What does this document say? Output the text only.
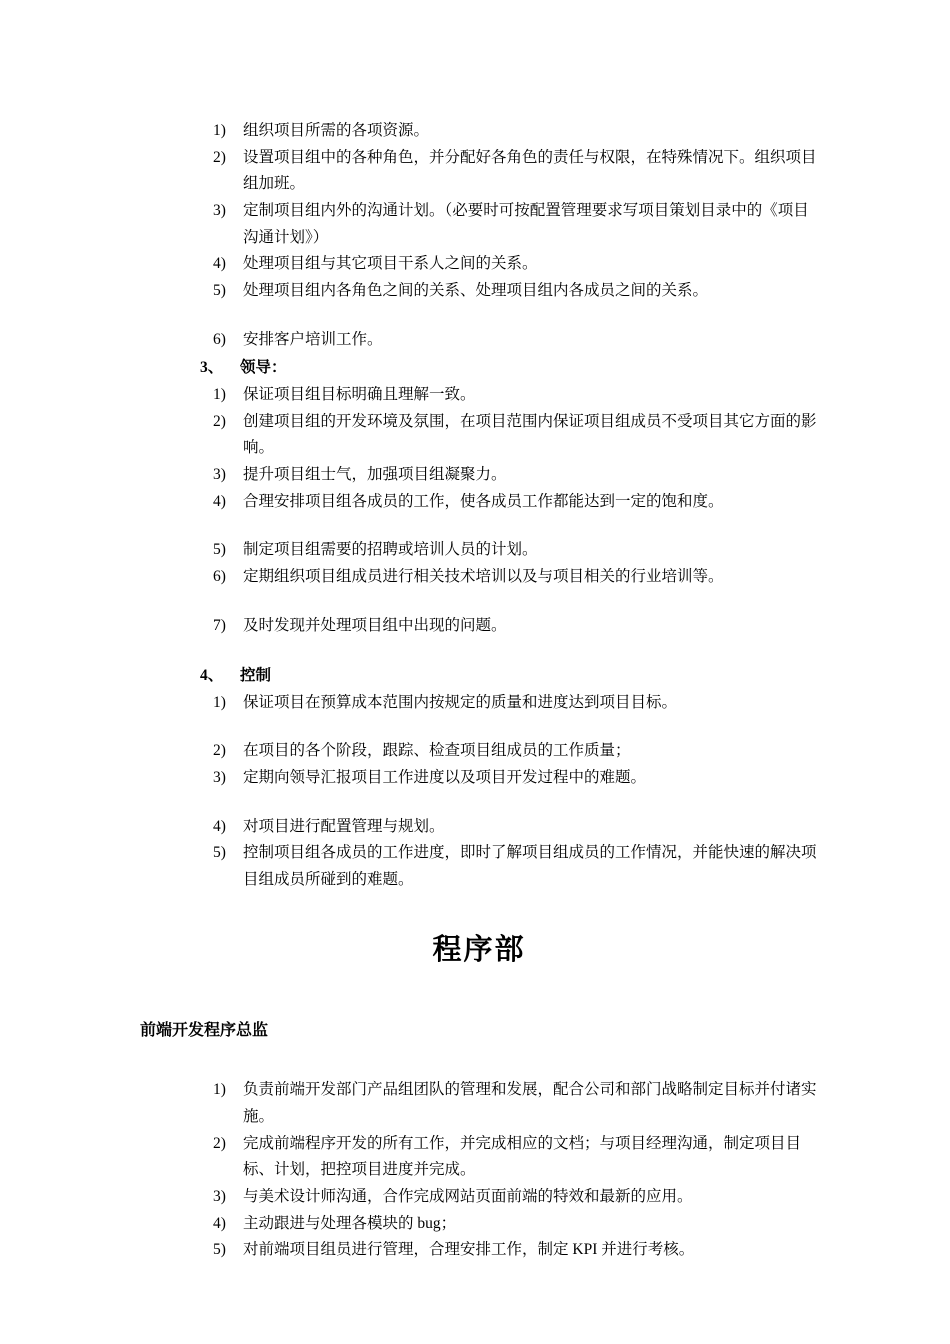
1)	组织项目所需的各项资源。
2)	设置项目组中的各种角色，并分配好各角色的责任与权限，在特殊情况下。组织项目组加班。
3)	定制项目组内外的沟通计划。（必要时可按配置管理要求写项目策划目录中的《项目沟通计划》）
4)	处理项目组与其它项目干系人之间的关系。
5)	处理项目组内各角色之间的关系、处理项目组内各成员之间的关系。
6)	安排客户培训工作。
3、	领导：
1)	保证项目组目标明确且理解一致。
2)	创建项目组的开发环境及氛围，在项目范围内保证项目组成员不受项目其它方面的影响。
3)	提升项目组士气，加强项目组凝聚力。
4)	合理安排项目组各成员的工作，使各成员工作都能达到一定的饱和度。
5)	制定项目组需要的招聘或培训人员的计划。
6)	定期组织项目组成员进行相关技术培训以及与项目相关的行业培训等。
7)	及时发现并处理项目组中出现的问题。
4、	控制
1)	保证项目在预算成本范围内按规定的质量和进度达到项目目标。
2)	在项目的各个阶段，跟踪、检查项目组成员的工作质量；
3)	定期向领导汇报项目工作进度以及项目开发过程中的难题。
4)	对项目进行配置管理与规划。
5)	控制项目组各成员的工作进度，即时了解项目组成员的工作情况，并能快速的解决项目组成员所碰到的难题。
程序部
前端开发程序总监
1)	负责前端开发部门产品组团队的管理和发展，配合公司和部门战略制定目标并付诸实施。
2)	完成前端程序开发的所有工作，并完成相应的文档；与项目经理沟通，制定项目目标、计划，把控项目进度并完成。
3)	与美术设计师沟通，合作完成网站页面前端的特效和最新的应用。
4)	主动跟进与处理各模块的 bug；
5)	对前端项目组员进行管理，合理安排工作，制定 KPI 并进行考核。
